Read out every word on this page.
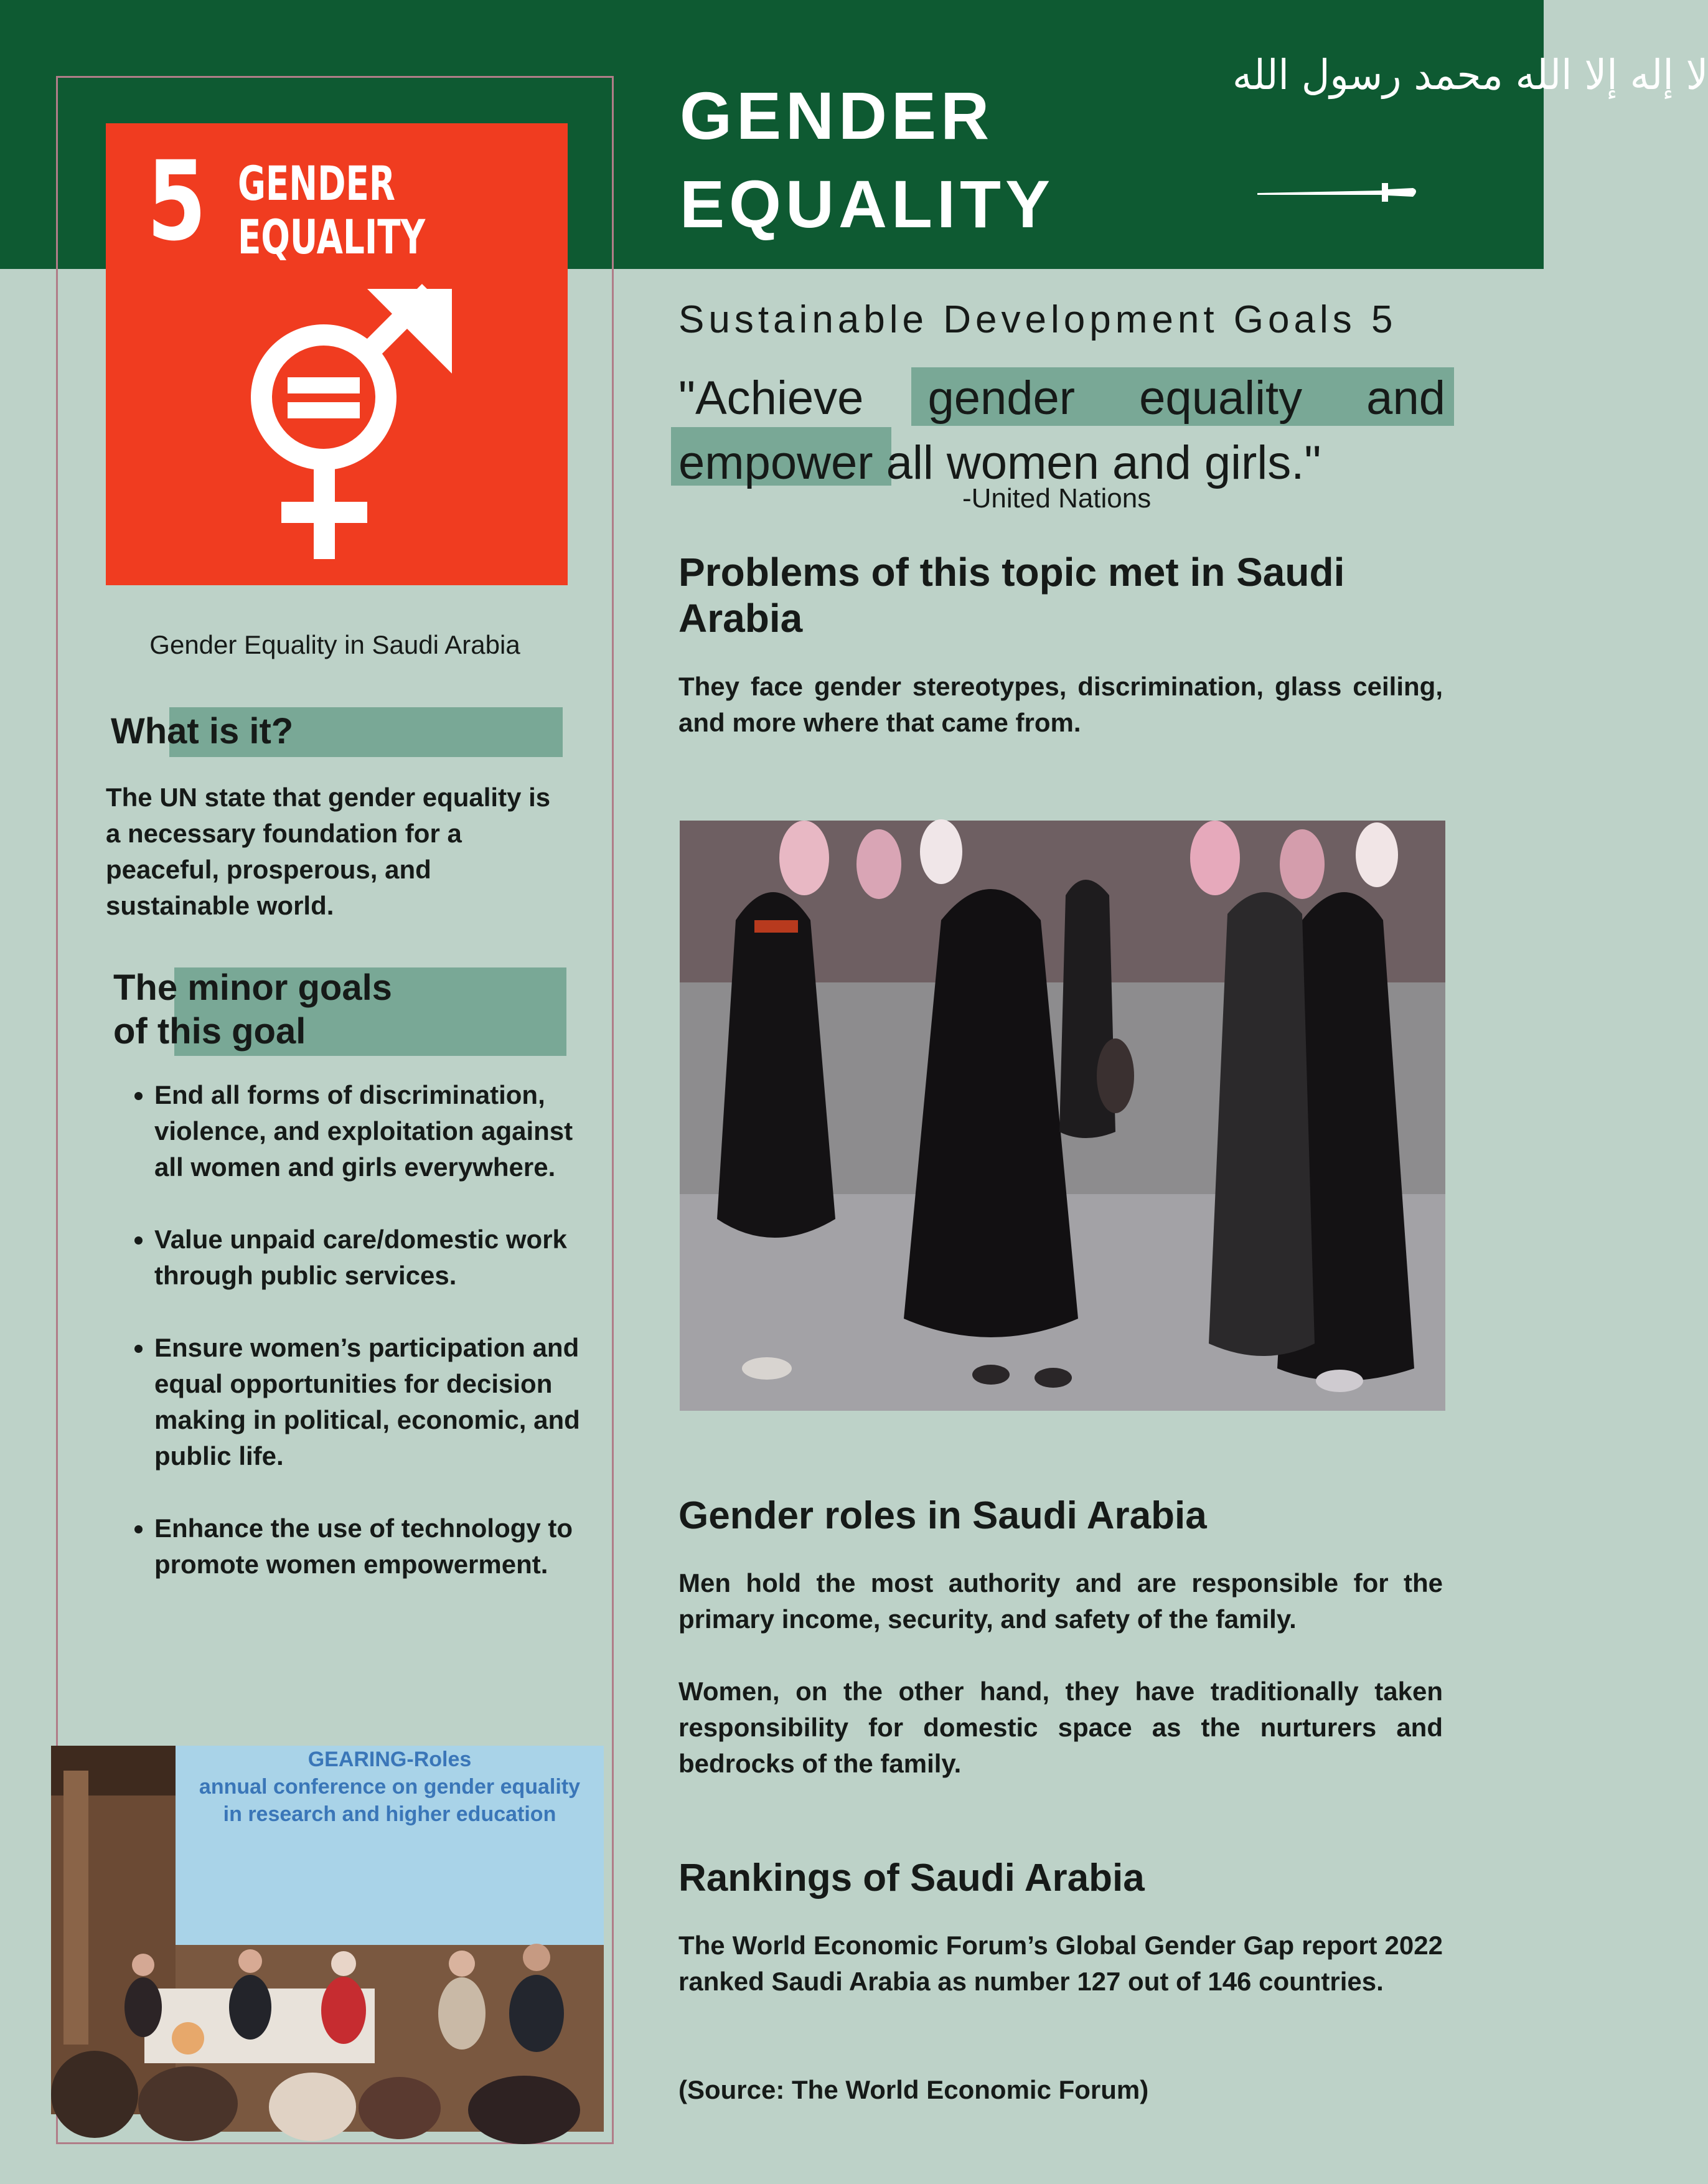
5 GENDER
EQUALITY
Gender Equality in Saudi Arabia
What is it?
The UN state that gender equality is a necessary foundation for a peaceful, prosperous, and sustainable world.
The minor goals
of this goal
• End all forms of discrimination, violence, and exploitation against all women and girls everywhere.
• Value unpaid care/domestic work through public services.
• Ensure women’s participation and equal opportunities for decision making in political, economic, and public life.
• Enhance the use of technology to promote women empowerment.
GEARING-Roles
annual conference on gender equality
in research and higher education
GENDER
EQUALITY
لا إله إلا الله محمد رسول الله
Sustainable Development Goals 5
"Achieve gender equality and empower all women and girls."
-United Nations
Problems of this topic met in Saudi Arabia
They face gender stereotypes, discrimination, glass ceiling, and more where that came from.
Gender roles in Saudi Arabia
Men hold the most authority and are responsible for the primary income, security, and safety of the family.
Women, on the other hand, they have traditionally taken responsibility for domestic space as the nurturers and bedrocks of the family.
Rankings of Saudi Arabia
The World Economic Forum’s Global Gender Gap report 2022 ranked Saudi Arabia as number 127 out of 146 countries.
(Source: The World Economic Forum)
